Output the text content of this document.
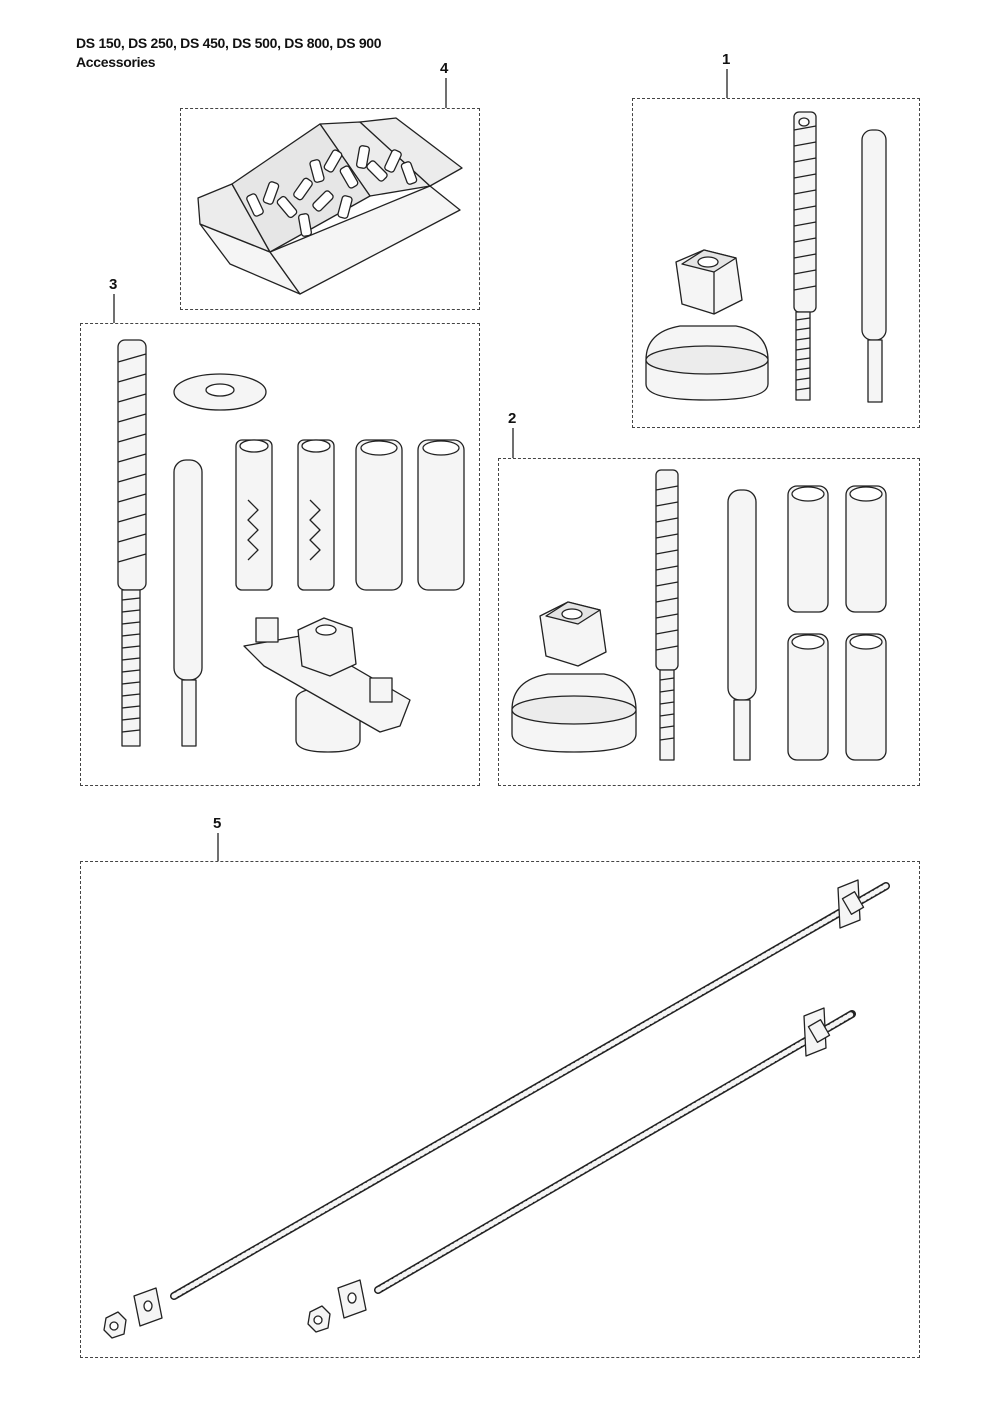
DS 150, DS 250, DS 450, DS 500, DS 800, DS 900
Accessories	4
1
3
2
5
